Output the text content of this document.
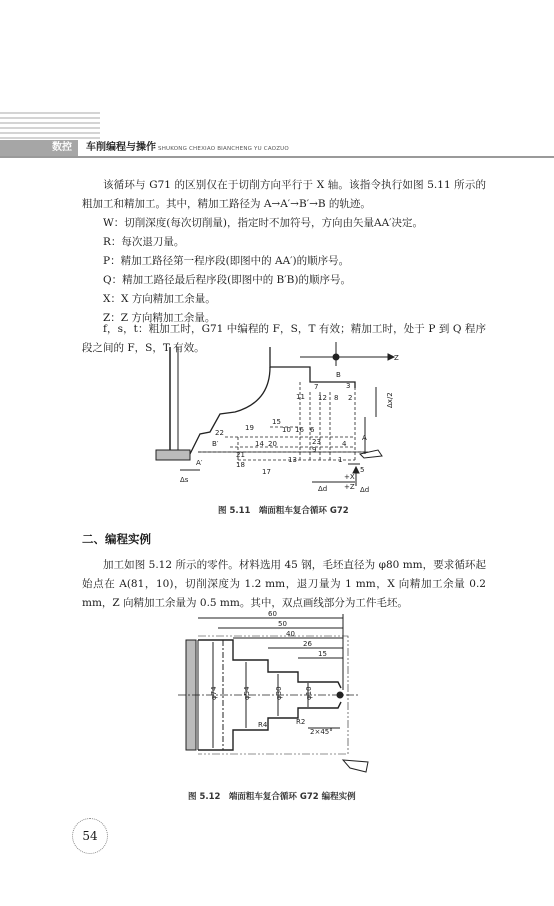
数控	车削编程与操作 SHUKONG CHEXIAO BIANCHENG YU CAOZUO

该循环与 G71 的区别仅在于切削方向平行于 X 轴。该指令执行如图 5.11 所示的粗加工和精加工。其中，精加工路径为 A→A′→B′→B 的轨迹。

W：切削深度(每次切削量)，指定时不加符号，方向由矢量AA′决定。

R：每次退刀量。

P：精加工路径第一程序段(即图中的 AA′)的顺序号。

Q：精加工路径最后程序段(即图中的 B′B)的顺序号。

X：X 方向精加工余量。

Z：Z 方向精加工余量。

f，s，t：粗加工时，G71 中编程的 F，S，T 有效；精加工时，处于 P 到 Q 程序段之间的 F，S，T 有效。

B
Z
7	3
11 12 8 2
15
10 16 6
19
22
14 20	23
9
4
A
B′
21
13	1
A′	18
17	5
+X
+Z
Δs
Δd	Δd
Δx/2
图 5.11　端面粗车复合循环 G72
二、编程实例

加工如图 5.12 所示的零件。材料选用 45 钢，毛坯直径为 φ80 mm，要求循环起始点在 A(81，10)，切削深度为 1.2 mm，退刀量为 1 mm，X 向精加工余量 0.2 mm，Z 向精加工余量为 0.5 mm。其中，双点画线部分为工件毛坯。

60
50
40
26
15
φ74	φ54	φ30	φ10
R4	R2
2×45°
图 5.12　端面粗车复合循环 G72 编程实例
54
